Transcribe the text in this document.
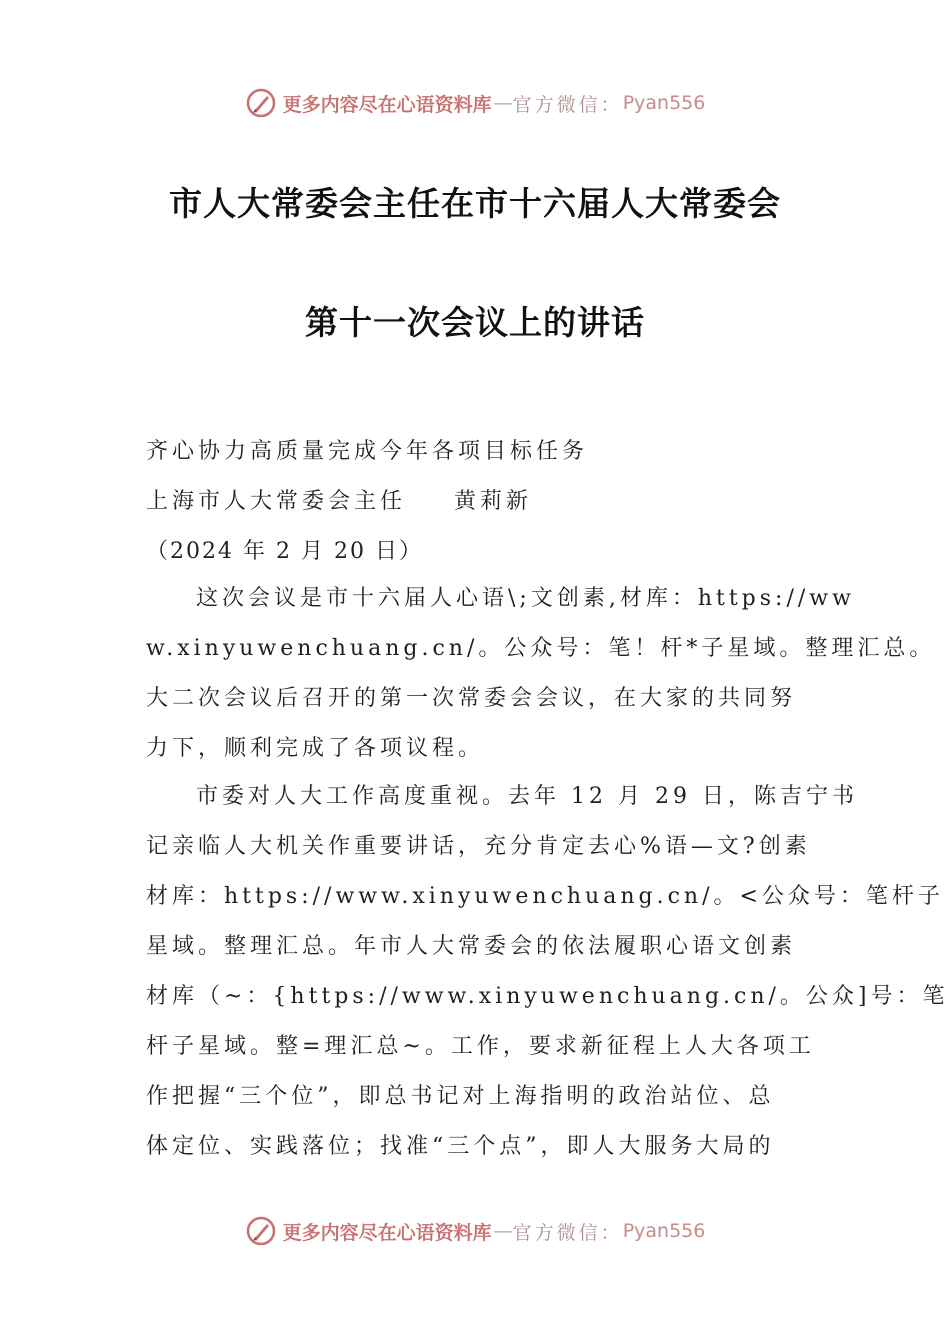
更多内容尽在心语资料库 — 官方微信： Pyan556
市人大常委会主任在市十六届人大常委会
第十一次会议上的讲话
齐心协力高质量完成今年各项目标任务
上海市人大常委会主任 黄莉新
（2024 年 2 月 20 日）
这次会议是市十六届人心语\;文创素,材库：https://ww
w.xinyuwenchuang.cn/。公众号：笔！杆*子星域。整理汇总。
大二次会议后召开的第一次常委会会议，在大家的共同努
力下，顺利完成了各项议程。
市委对人大工作高度重视。去年 12 月 29 日，陈吉宁书
记亲临人大机关作重要讲话，充分肯定去心%语—文?创素
材库：https://www.xinyuwenchuang.cn/。<公众号：笔杆子
星域。整理汇总。年市人大常委会的依法履职心语文创素
材库（~：{https://www.xinyuwenchuang.cn/。公众]号：笔
杆子星域。整=理汇总~。工作，要求新征程上人大各项工
作把握“三个位”，即总书记对上海指明的政治站位、总
体定位、实践落位；找准“三个点”，即人大服务大局的
更多内容尽在心语资料库 — 官方微信： Pyan556
